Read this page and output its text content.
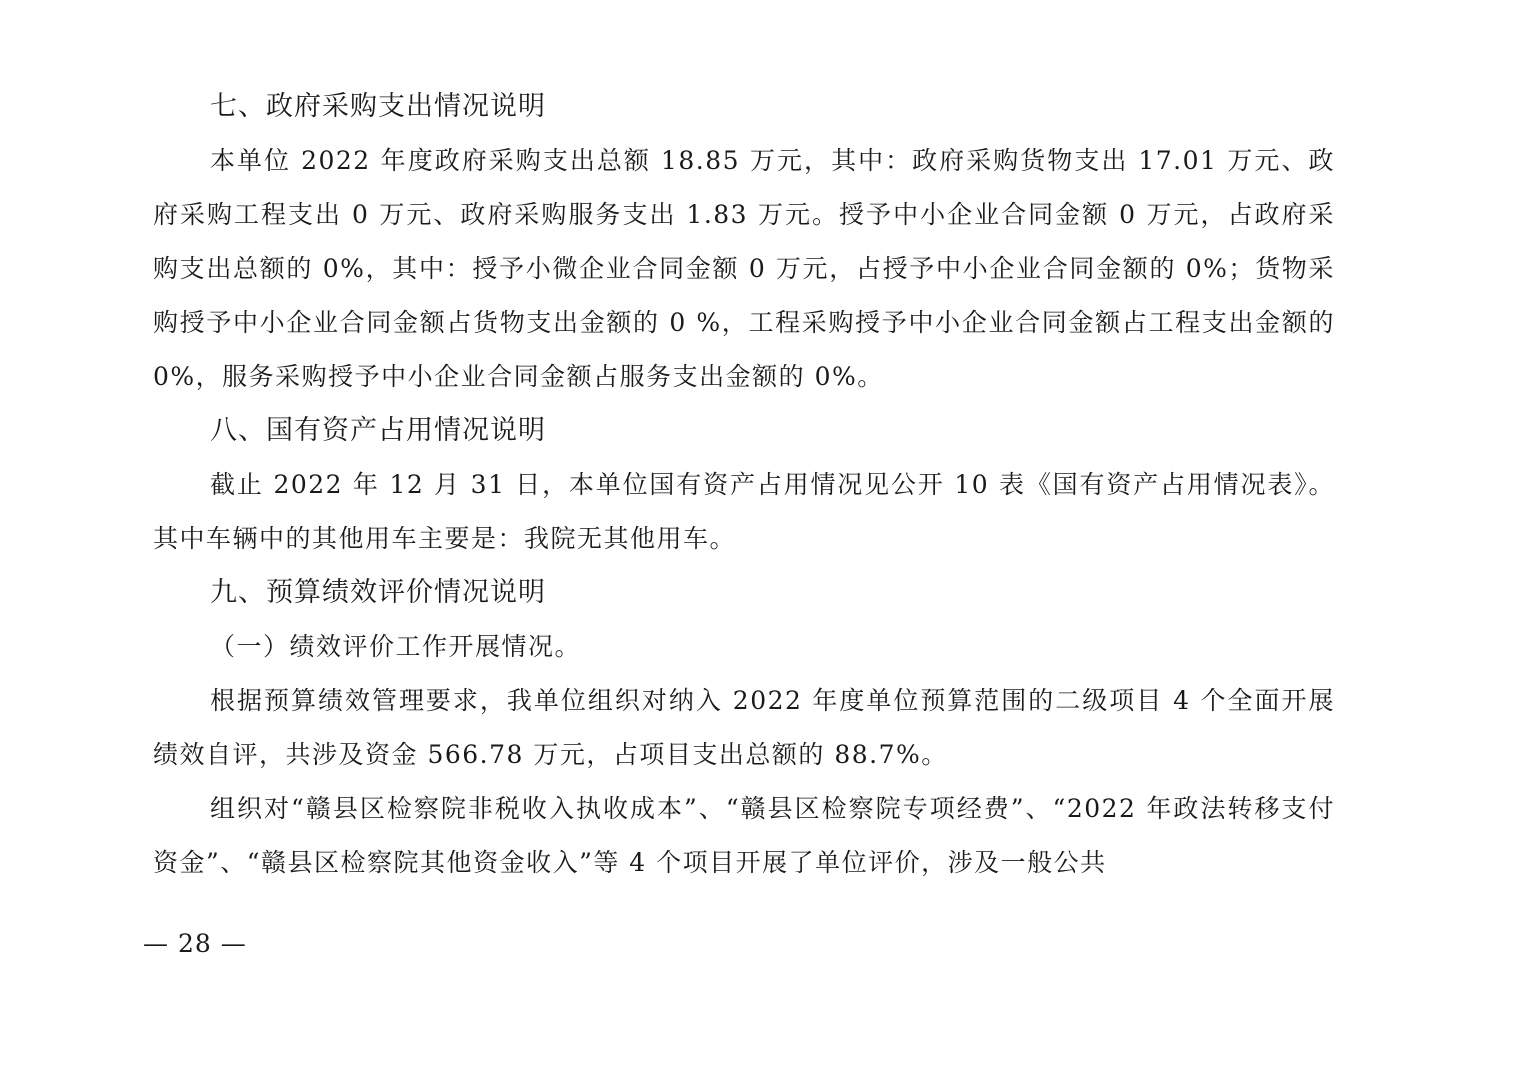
七、政府采购支出情况说明

本单位 2022 年度政府采购支出总额 18.85 万元，其中：政府采购货物支出 17.01 万元、政府采购工程支出 0 万元、政府采购服务支出 1.83 万元。授予中小企业合同金额 0 万元，占政府采购支出总额的 0%，其中：授予小微企业合同金额 0 万元，占授予中小企业合同金额的 0%；货物采购授予中小企业合同金额占货物支出金额的 0 %，工程采购授予中小企业合同金额占工程支出金额的 0%，服务采购授予中小企业合同金额占服务支出金额的 0%。

八、国有资产占用情况说明

截止 2022 年 12 月 31 日，本单位国有资产占用情况见公开 10 表《国有资产占用情况表》。其中车辆中的其他用车主要是：我院无其他用车。

九、预算绩效评价情况说明

（一）绩效评价工作开展情况。

根据预算绩效管理要求，我单位组织对纳入 2022 年度单位预算范围的二级项目 4 个全面开展绩效自评，共涉及资金 566.78 万元，占项目支出总额的 88.7%。

组织对“赣县区检察院非税收入执收成本”、“赣县区检察院专项经费”、“2022 年政法转移支付资金”、“赣县区检察院其他资金收入”等 4 个项目开展了单位评价，涉及一般公共

— 28 —
